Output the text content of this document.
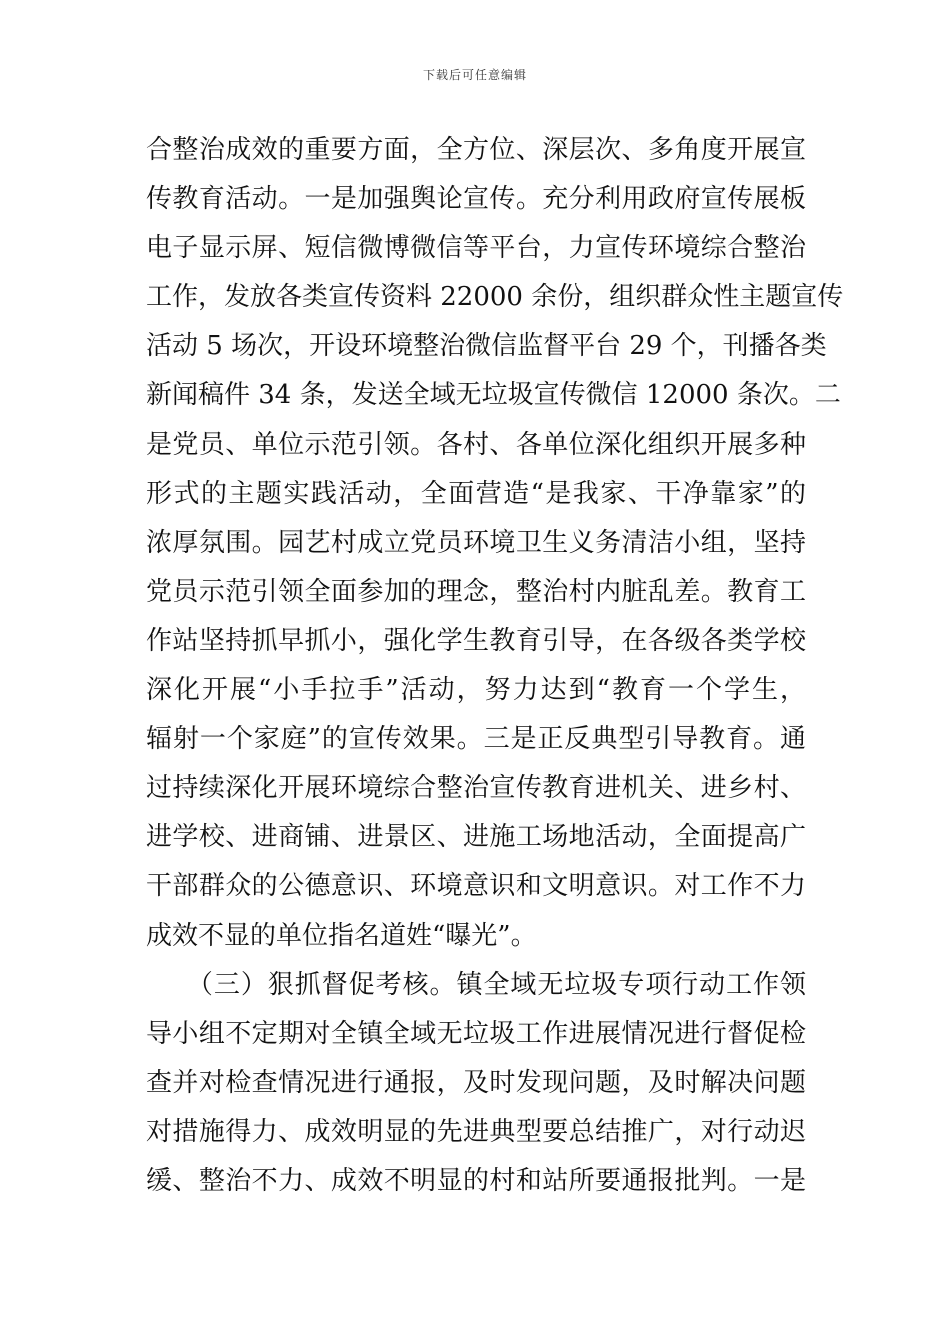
下载后可任意编辑
合整治成效的重要方面，全方位、深层次、多角度开展宣
传教育活动。一是加强舆论宣传。充分利用政府宣传展板
电子显示屏、短信微博微信等平台，力宣传环境综合整治
工作，发放各类宣传资料 22000 余份，组织群众性主题宣传
活动 5 场次，开设环境整治微信监督平台 29 个，刊播各类
新闻稿件 34 条，发送全域无垃圾宣传微信 12000 条次。二
是党员、单位示范引领。各村、各单位深化组织开展多种
形式的主题实践活动，全面营造“是我家、干净靠家”的
浓厚氛围。园艺村成立党员环境卫生义务清洁小组，坚持
党员示范引领全面参加的理念，整治村内脏乱差。教育工
作站坚持抓早抓小，强化学生教育引导，在各级各类学校
深化开展“小手拉手”活动，努力达到“教育一个学生，
辐射一个家庭”的宣传效果。三是正反典型引导教育。通
过持续深化开展环境综合整治宣传教育进机关、进乡村、
进学校、进商铺、进景区、进施工场地活动，全面提高广
干部群众的公德意识、环境意识和文明意识。对工作不力
成效不显的单位指名道姓“曝光”。
　　（三）狠抓督促考核。镇全域无垃圾专项行动工作领
导小组不定期对全镇全域无垃圾工作进展情况进行督促检
查并对检查情况进行通报，及时发现问题，及时解决问题
对措施得力、成效明显的先进典型要总结推广，对行动迟
缓、整治不力、成效不明显的村和站所要通报批判。一是
